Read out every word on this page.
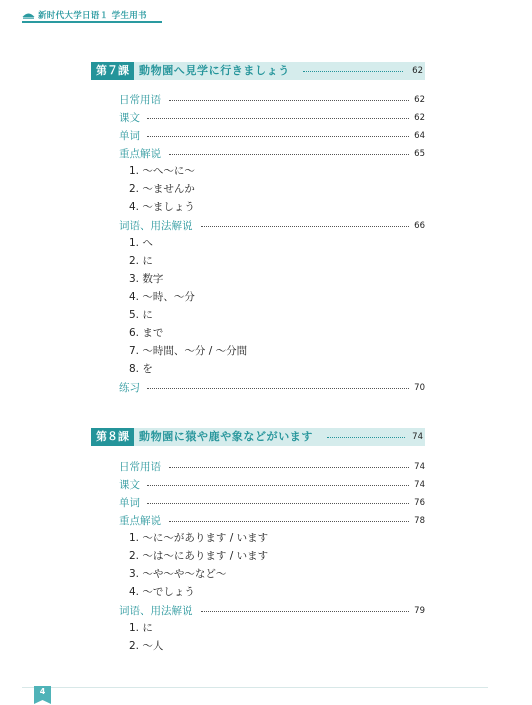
新时代大学日语１ 学生用书
第７課 動物園へ見学に行きましょう	62
日常用语	62
课文	62
单词	64
重点解说	65
1. ～へ～に～
2. ～ませんか
4. ～ましょう
词语、用法解说	66
1. へ
2. に
3. 数字
4. ～時、～分
5. に
6. まで
7. ～時間、～分 / ～分間
8. を
练习	70
第８課 動物園に猿や鹿や象などがいます	74
日常用语	74
课文	74
单词	76
重点解说	78
1. ～に～があります / います
2. ～は～にあります / います
3. ～や～や～など～
4. ～でしょう
词语、用法解说	79
1. に
2. ～人
4
